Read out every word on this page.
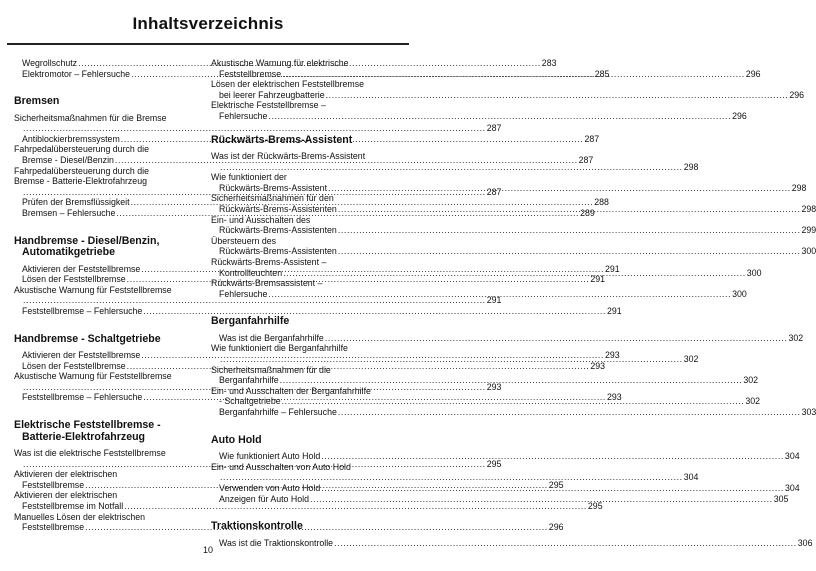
Inhaltsverzeichnis
Wegrollschutz .....	283
Elektromotor – Fehlersuche .....	285
Bremsen
Sicherheitsmaßnahmen für die Bremse
..... 287
Antiblockierbremssystem .....	287
Fahrpedalübersteuerung durch die
Bremse - Diesel/Benzin .....	287
Fahrpedalübersteuerung durch die
Bremse - Batterie-Elektrofahrzeug
..... 287
Prüfen der Bremsflüssigkeit .....	288
Bremsen – Fehlersuche .....	289
Handbremse - Diesel/Benzin, Automatikgetriebe
Aktivieren der Feststellbremse .....	291
Lösen der Feststellbremse .....	291
Akustische Warnung für Feststellbremse
..... 291
Feststellbremse – Fehlersuche .....	291
Handbremse - Schaltgetriebe
Aktivieren der Feststellbremse .....	293
Lösen der Feststellbremse .....	293
Akustische Warnung für Feststellbremse
..... 293
Feststellbremse – Fehlersuche .....	293
Elektrische Feststellbremse - Batterie-Elektrofahrzeug
Was ist die elektrische Feststellbremse
..... 295
Aktivieren der elektrischen
Feststellbremse .....	295
Aktivieren der elektrischen
Feststellbremse im Notfall .....	295
Manuelles Lösen der elektrischen
Feststellbremse .....	296
Akustische Warnung für elektrische
Feststellbremse .....	296
Lösen der elektrischen Feststellbremse
bei leerer Fahrzeugbatterie .....	296
Elektrische Feststellbremse –
Fehlersuche .....	296
Rückwärts-Brems-Assistent
Was ist der Rückwärts-Brems-Assistent
..... 298
Wie funktioniert der
Rückwärts-Brems-Assistent .....	298
Sicherheitsmaßnahmen für den
Rückwärts-Brems-Assistenten .....	298
Ein- und Ausschalten des
Rückwärts-Brems-Assistenten .....	299
Übersteuern des
Rückwärts-Brems-Assistenten .....	300
Rückwärts-Brems-Assistent –
Kontrollleuchten .....	300
Rückwärts-Bremsassistent –
Fehlersuche .....	300
Berganfahrhilfe
Was ist die Berganfahrhilfe .....	302
Wie funktioniert die Berganfahrhilfe
..... 302
Sicherheitsmaßnahmen für die
Berganfahrhilfe .....	302
Ein- und Ausschalten der Berganfahrhilfe
- Schaltgetriebe .....	302
Berganfahrhilfe – Fehlersuche .....	303
Auto Hold
Wie funktioniert Auto Hold .....	304
Ein- und Ausschalten von Auto Hold
..... 304
Verwenden von Auto Hold .....	304
Anzeigen für Auto Hold .....	305
Traktionskontrolle
Was ist die Traktionskontrolle .....	306
10
